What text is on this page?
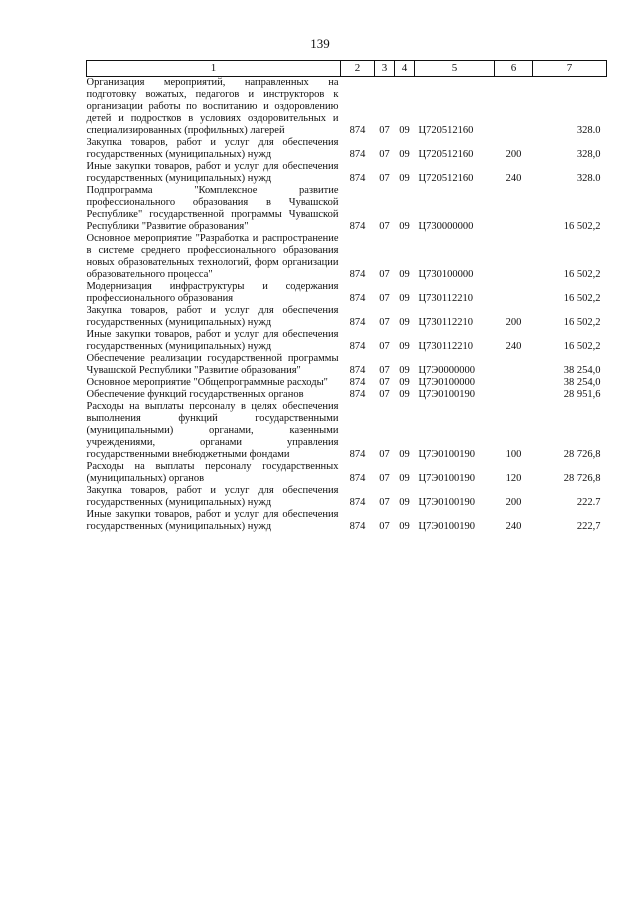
139
1	2	3	4	5	6	7
Организация мероприятий, направленных на подготовку вожатых, педагогов и инструкторов к организации работы по воспитанию и оздоровлению детей и подростков в условиях оздоровительных и специализированных (профильных) лагерей	874	07	09	Ц720512160		328.0
Закупка товаров, работ и услуг для обеспечения государственных (муниципальных) нужд	874	07	09	Ц720512160	200	328,0
Иные закупки товаров, работ и услуг для обеспечения государственных (муниципальных) нужд	874	07	09	Ц720512160	240	328.0
Подпрограмма "Комплексное развитие профессионального образования в Чувашской Республике" государственной программы Чувашской Республики "Развитие образования"	874	07	09	Ц730000000		16 502,2
Основное мероприятие "Разработка и распространение в системе среднего профессионального образования новых образовательных технологий, форм организации образовательного процесса"	874	07	09	Ц730100000		16 502,2
Модернизация инфраструктуры и содержания профессионального образования	874	07	09	Ц730112210		16 502,2
Закупка товаров, работ и услуг для обеспечения государственных (муниципальных) нужд	874	07	09	Ц730112210	200	16 502,2
Иные закупки товаров, работ и услуг для обеспечения государственных (муниципальных) нужд	874	07	09	Ц730112210	240	16 502,2
Обеспечение реализации государственной программы Чувашской Республики "Развитие образования"	874	07	09	Ц7Э0000000		38 254,0
Основное мероприятие "Общепрограммные расходы"	874	07	09	Ц7Э0100000		38 254,0
Обеспечение функций государственных органов	874	07	09	Ц7Э0100190		28 951,6
Расходы на выплаты персоналу в целях обеспечения выполнения функций государственными (муниципальными) органами, казенными учреждениями, органами управления государственными внебюджетными фондами	874	07	09	Ц7Э0100190	100	28 726,8
Расходы на выплаты персоналу государственных (муниципальных) органов	874	07	09	Ц7Э0100190	120	28 726,8
Закупка товаров, работ и услуг для обеспечения государственных (муниципальных) нужд	874	07	09	Ц7Э0100190	200	222.7
Иные закупки товаров, работ и услуг для обеспечения государственных (муниципальных) нужд	874	07	09	Ц7Э0100190	240	222,7
